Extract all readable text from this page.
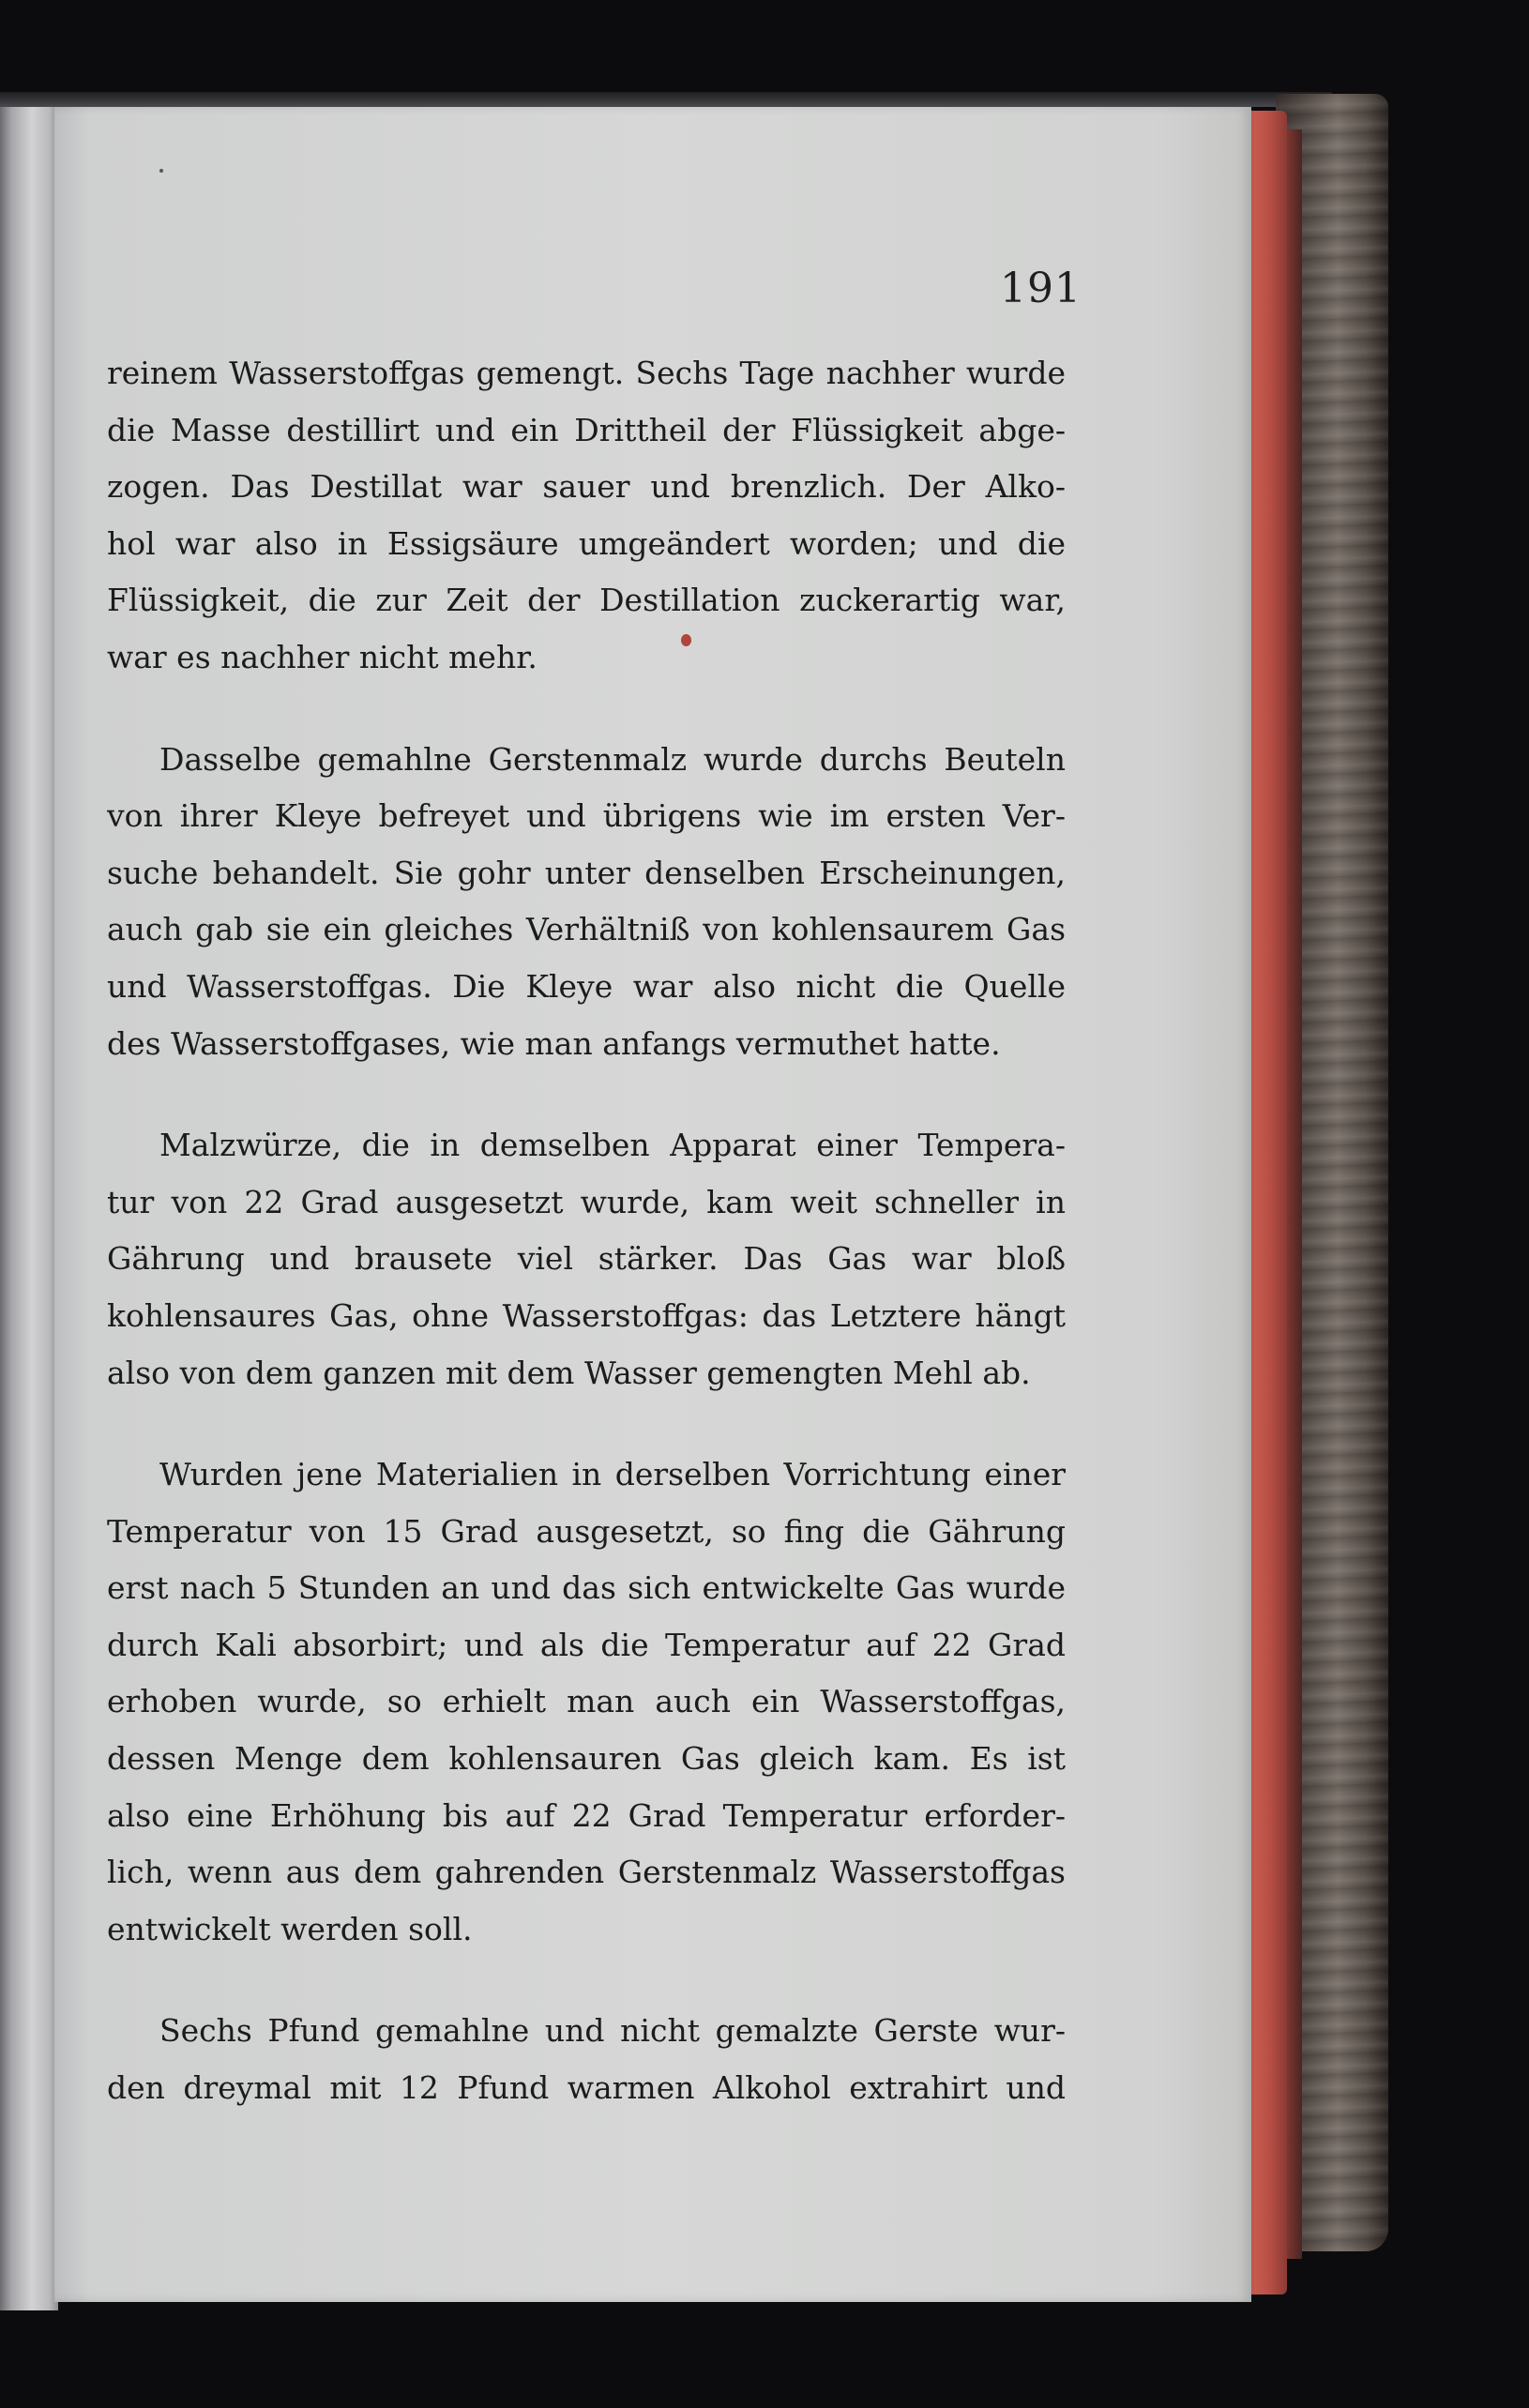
191

reinem Wasserstoffgas gemengt. Sechs Tage nachher wurde
die Masse destillirt und ein Drittheil der Flüssigkeit abge-
zogen. Das Destillat war sauer und brenzlich. Der Alko-
hol war also in Essigsäure umgeändert worden; und die
Flüssigkeit, die zur Zeit der Destillation zuckerartig war,
war es nachher nicht mehr.
Dasselbe gemahlne Gerstenmalz wurde durchs Beuteln
von ihrer Kleye befreyet und übrigens wie im ersten Ver-
suche behandelt. Sie gohr unter denselben Erscheinungen,
auch gab sie ein gleiches Verhältniß von kohlensaurem Gas
und Wasserstoffgas. Die Kleye war also nicht die Quelle
des Wasserstoffgases, wie man anfangs vermuthet hatte.
Malzwürze, die in demselben Apparat einer Tempera-
tur von 22 Grad ausgesetzt wurde, kam weit schneller in
Gährung und brausete viel stärker. Das Gas war bloß
kohlensaures Gas, ohne Wasserstoffgas: das Letztere hängt
also von dem ganzen mit dem Wasser gemengten Mehl ab.
Wurden jene Materialien in derselben Vorrichtung einer
Temperatur von 15 Grad ausgesetzt, so fing die Gährung
erst nach 5 Stunden an und das sich entwickelte Gas wurde
durch Kali absorbirt; und als die Temperatur auf 22 Grad
erhoben wurde, so erhielt man auch ein Wasserstoffgas,
dessen Menge dem kohlensauren Gas gleich kam. Es ist
also eine Erhöhung bis auf 22 Grad Temperatur erforder-
lich, wenn aus dem gahrenden Gerstenmalz Wasserstoffgas
entwickelt werden soll.
Sechs Pfund gemahlne und nicht gemalzte Gerste wur-
den dreymal mit 12 Pfund warmen Alkohol extrahirt und
